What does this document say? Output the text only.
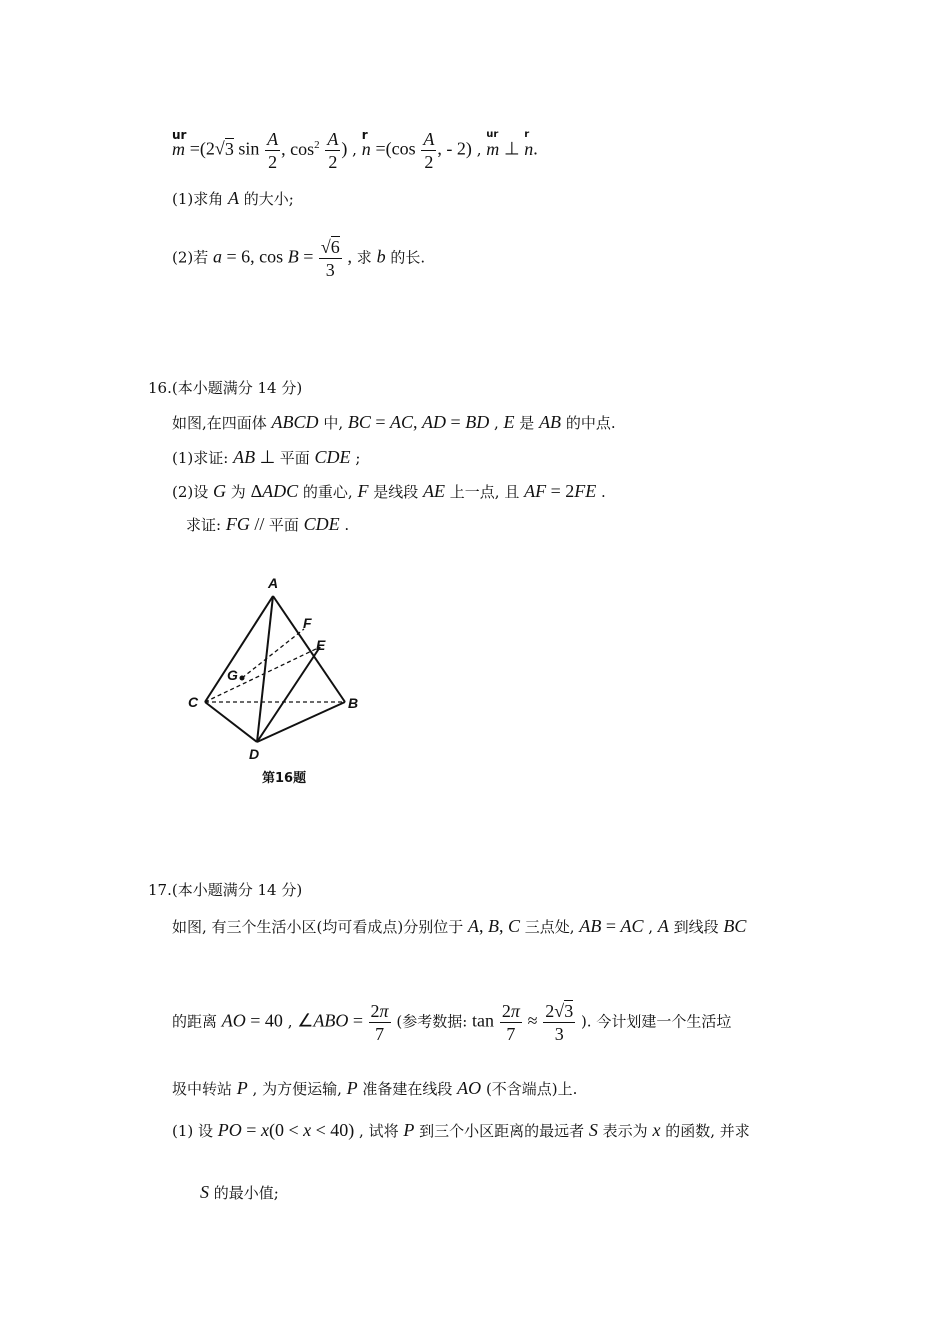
ur
m =(2√3 $\sin \frac{A}{2}$ , $\cos^2 \frac{A}{2}$ ) ,
r
$n =(\cos \frac{A}{2}$ , - 2) ,
ur
m ⊥
r
n.
(1)求角 A 的大小;
(2)若 a = 6, $\cos B = \frac{√6}{3}$ , 求 b 的长.
16.(本小题满分 14 分)
如图,在四面体 ABCD 中, BC = AC, AD = BD , E 是 AB 的中点.
(1)求证: AB ⊥ 平面 CDE ;
(2)设 G 为 ΔADC 的重心, F 是线段 AE 上一点, 且 AF = 2FE .
求证: FG // 平面 CDE .
A
B
C
D
E
F
G
第16题
17.(本小题满分 14 分)
如图, 有三个生活小区(均可看成点)分别位于 A, B, C 三点处, AB = AC , A 到线段 BC
的距离 AO = 40 , ∠ABO = $\frac{2\pi}{7}$ (参考数据: $\tan \frac{2\pi}{7} \approx \frac{2√3}{3}$ ). 今计划建一个生活垃
圾中转站 P , 为方便运输, P 准备建在线段 AO (不含端点)上.
(1) 设 PO = x(0 < x < 40) , 试将 P 到三个小区距离的最远者 S 表示为 x 的函数, 并求
S 的最小值;
